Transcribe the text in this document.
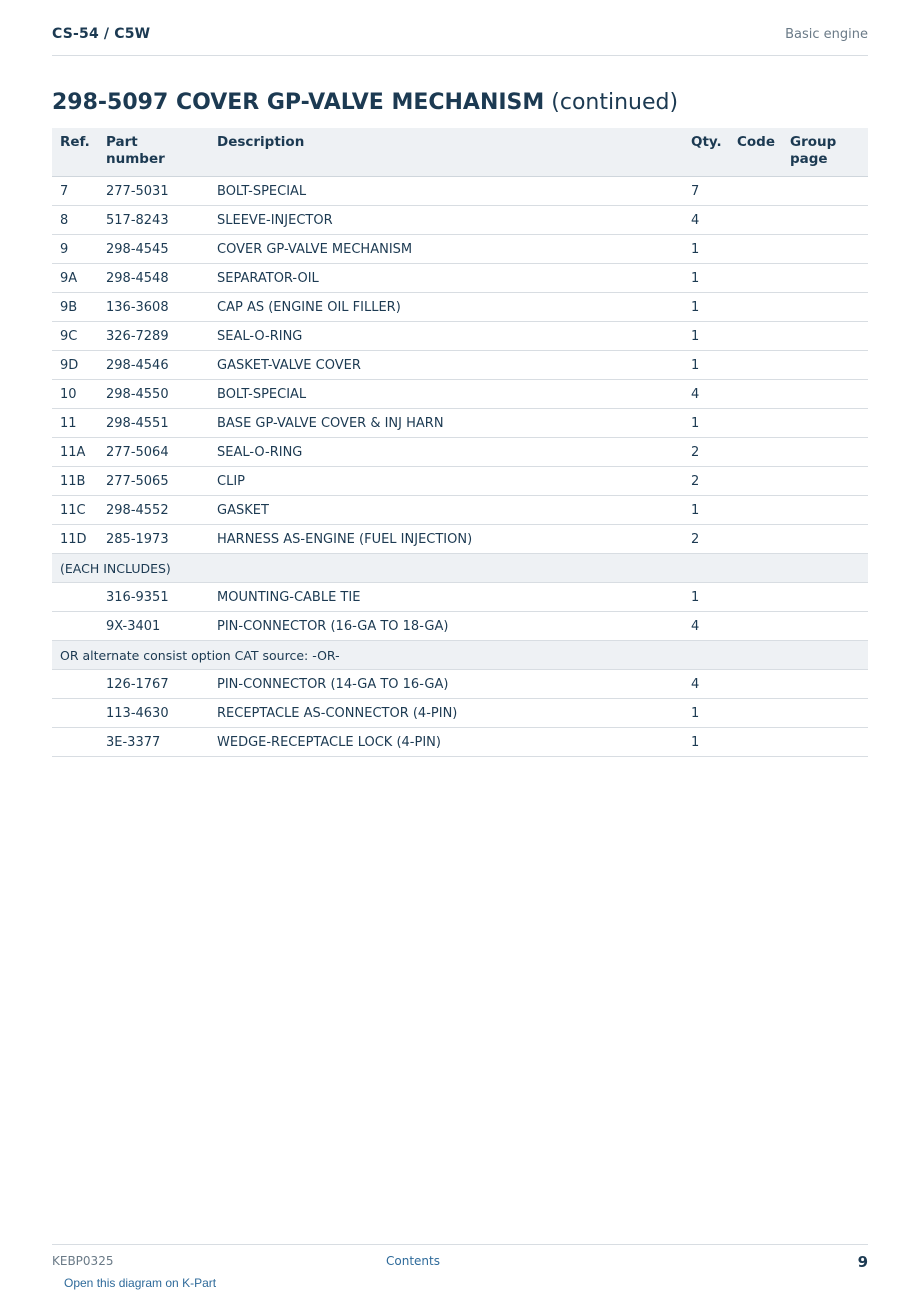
CS-54 / C5W	Basic engine
298-5097 COVER GP-VALVE MECHANISM (continued)
Ref.	Part number	Description	Qty.	Code	Group page
7	277-5031	BOLT-SPECIAL	7		
8	517-8243	SLEEVE-INJECTOR	4		
9	298-4545	COVER GP-VALVE MECHANISM	1		
9A	298-4548	SEPARATOR-OIL	1		
9B	136-3608	CAP AS (ENGINE OIL FILLER)	1		
9C	326-7289	SEAL-O-RING	1		
9D	298-4546	GASKET-VALVE COVER	1		
10	298-4550	BOLT-SPECIAL	4		
11	298-4551	BASE GP-VALVE COVER & INJ HARN	1		
11A	277-5064	SEAL-O-RING	2		
11B	277-5065	CLIP	2		
11C	298-4552	GASKET	1		
11D	285-1973	HARNESS AS-ENGINE (FUEL INJECTION)	2		
(EACH INCLUDES)					
	316-9351	MOUNTING-CABLE TIE	1		
	9X-3401	PIN-CONNECTOR (16-GA TO 18-GA)	4		
OR alternate consist option CAT source: -OR-					
	126-1767	PIN-CONNECTOR (14-GA TO 16-GA)	4		
	113-4630	RECEPTACLE AS-CONNECTOR (4-PIN)	1		
	3E-3377	WEDGE-RECEPTACLE LOCK (4-PIN)	1		
KEBP0325	Contents	9
Open this diagram on K-Part
